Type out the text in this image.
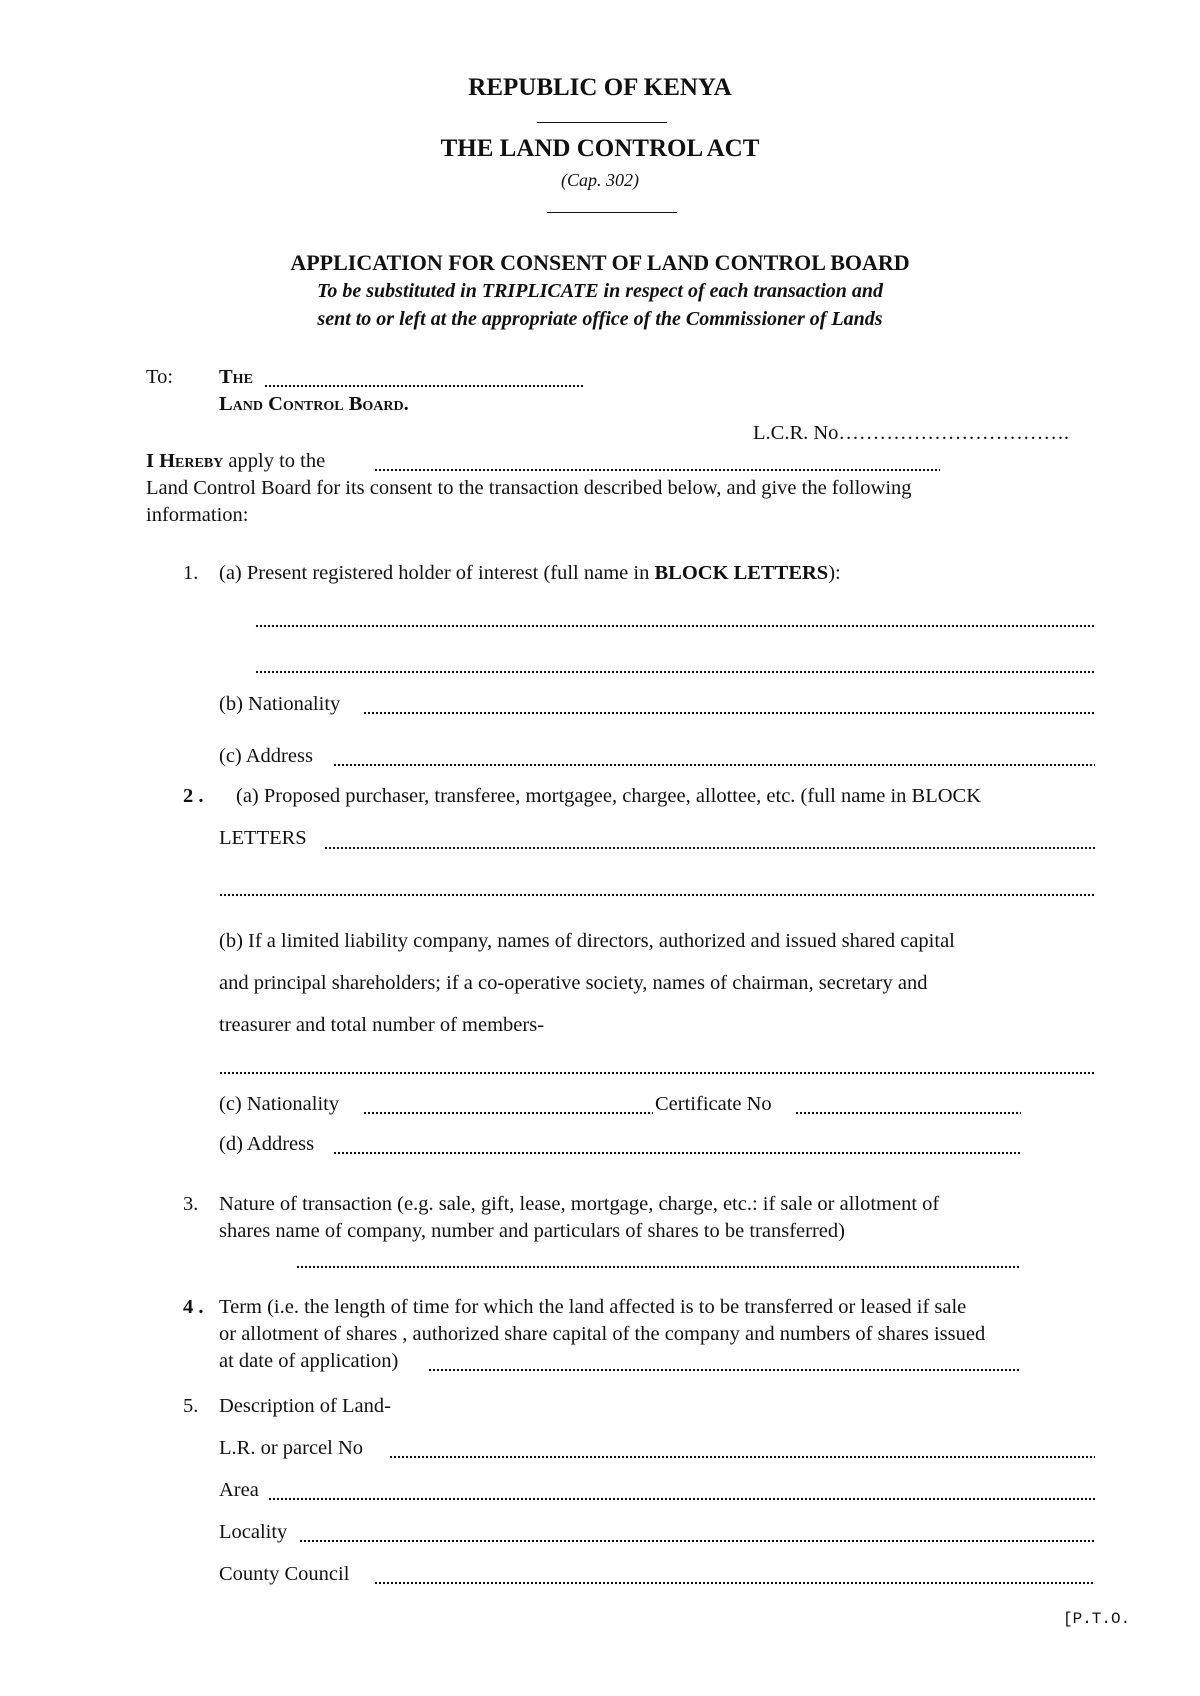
REPUBLIC OF KENYA
THE LAND CONTROL ACT
(Cap. 302)
APPLICATION FOR CONSENT OF LAND CONTROL BOARD
To be substituted in TRIPLICATE in respect of each transaction and
sent to or left at the appropriate office of the Commissioner of Lands
To: The
Land Control Board.
L.C.R. No…………………………….
I Hereby apply to the
Land Control Board for its consent to the transaction described below, and give the following
information:
1. (a) Present registered holder of interest (full name in BLOCK LETTERS):
(b) Nationality
(c) Address
2 . (a) Proposed purchaser, transferee, mortgagee, chargee, allottee, etc. (full name in BLOCK
LETTERS
(b) If a limited liability company, names of directors, authorized and issued shared capital
and principal shareholders; if a co-operative society, names of chairman, secretary and
treasurer and total number of members-
(c) Nationality	Certificate No
(d) Address
3. Nature of transaction (e.g. sale, gift, lease, mortgage, charge, etc.: if sale or allotment of
shares name of company, number and particulars of shares to be transferred)
4 . Term (i.e. the length of time for which the land affected is to be transferred or leased if sale
or allotment of shares , authorized share capital of the company and numbers of shares issued
at date of application)
5. Description of Land-
L.R. or parcel No
Area
Locality
County Council
[P.T.O.
